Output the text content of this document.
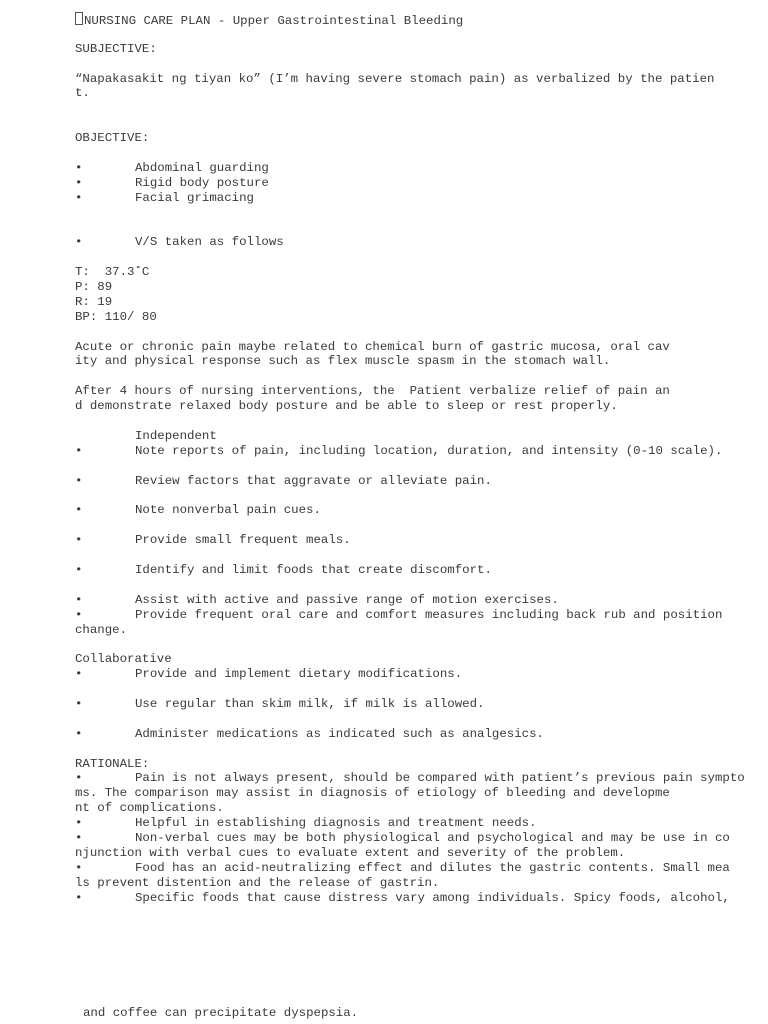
NURSING CARE PLAN - Upper Gastrointestinal Bleeding
SUBJECTIVE:
“Napakasakit ng tiyan ko” (I’m having severe stomach pain) as verbalized by the patien
t.
OBJECTIVE:
•	Abdominal guarding
•	Rigid body posture
•	Facial grimacing
•	V/S taken as follows
T:  37.3˚C
P: 89
R: 19
BP: 110/ 80
Acute or chronic pain maybe related to chemical burn of gastric mucosa, oral cav
ity and physical response such as flex muscle spasm in the stomach wall.
After 4 hours of nursing interventions, the  Patient verbalize relief of pain an
d demonstrate relaxed body posture and be able to sleep or rest properly.
Independent
•	Note reports of pain, including location, duration, and intensity (0-10 scale).
•	Review factors that aggravate or alleviate pain.
•	Note nonverbal pain cues.
•	Provide small frequent meals.
•	Identify and limit foods that create discomfort.
•	Assist with active and passive range of motion exercises.
•	Provide frequent oral care and comfort measures including back rub and position
change.
Collaborative
•	Provide and implement dietary modifications.
•	Use regular than skim milk, if milk is allowed.
•	Administer medications as indicated such as analgesics.
RATIONALE:
•	Pain is not always present, should be compared with patient’s previous pain sympto
ms. The comparison may assist in diagnosis of etiology of bleeding and developme
nt of complications.
•	Helpful in establishing diagnosis and treatment needs.
•	Non-verbal cues may be both physiological and psychological and may be use in co
njunction with verbal cues to evaluate extent and severity of the problem.
•	Food has an acid-neutralizing effect and dilutes the gastric contents. Small mea
ls prevent distention and the release of gastrin.
•	Specific foods that cause distress vary among individuals. Spicy foods, alcohol,
and coffee can precipitate dyspepsia.
